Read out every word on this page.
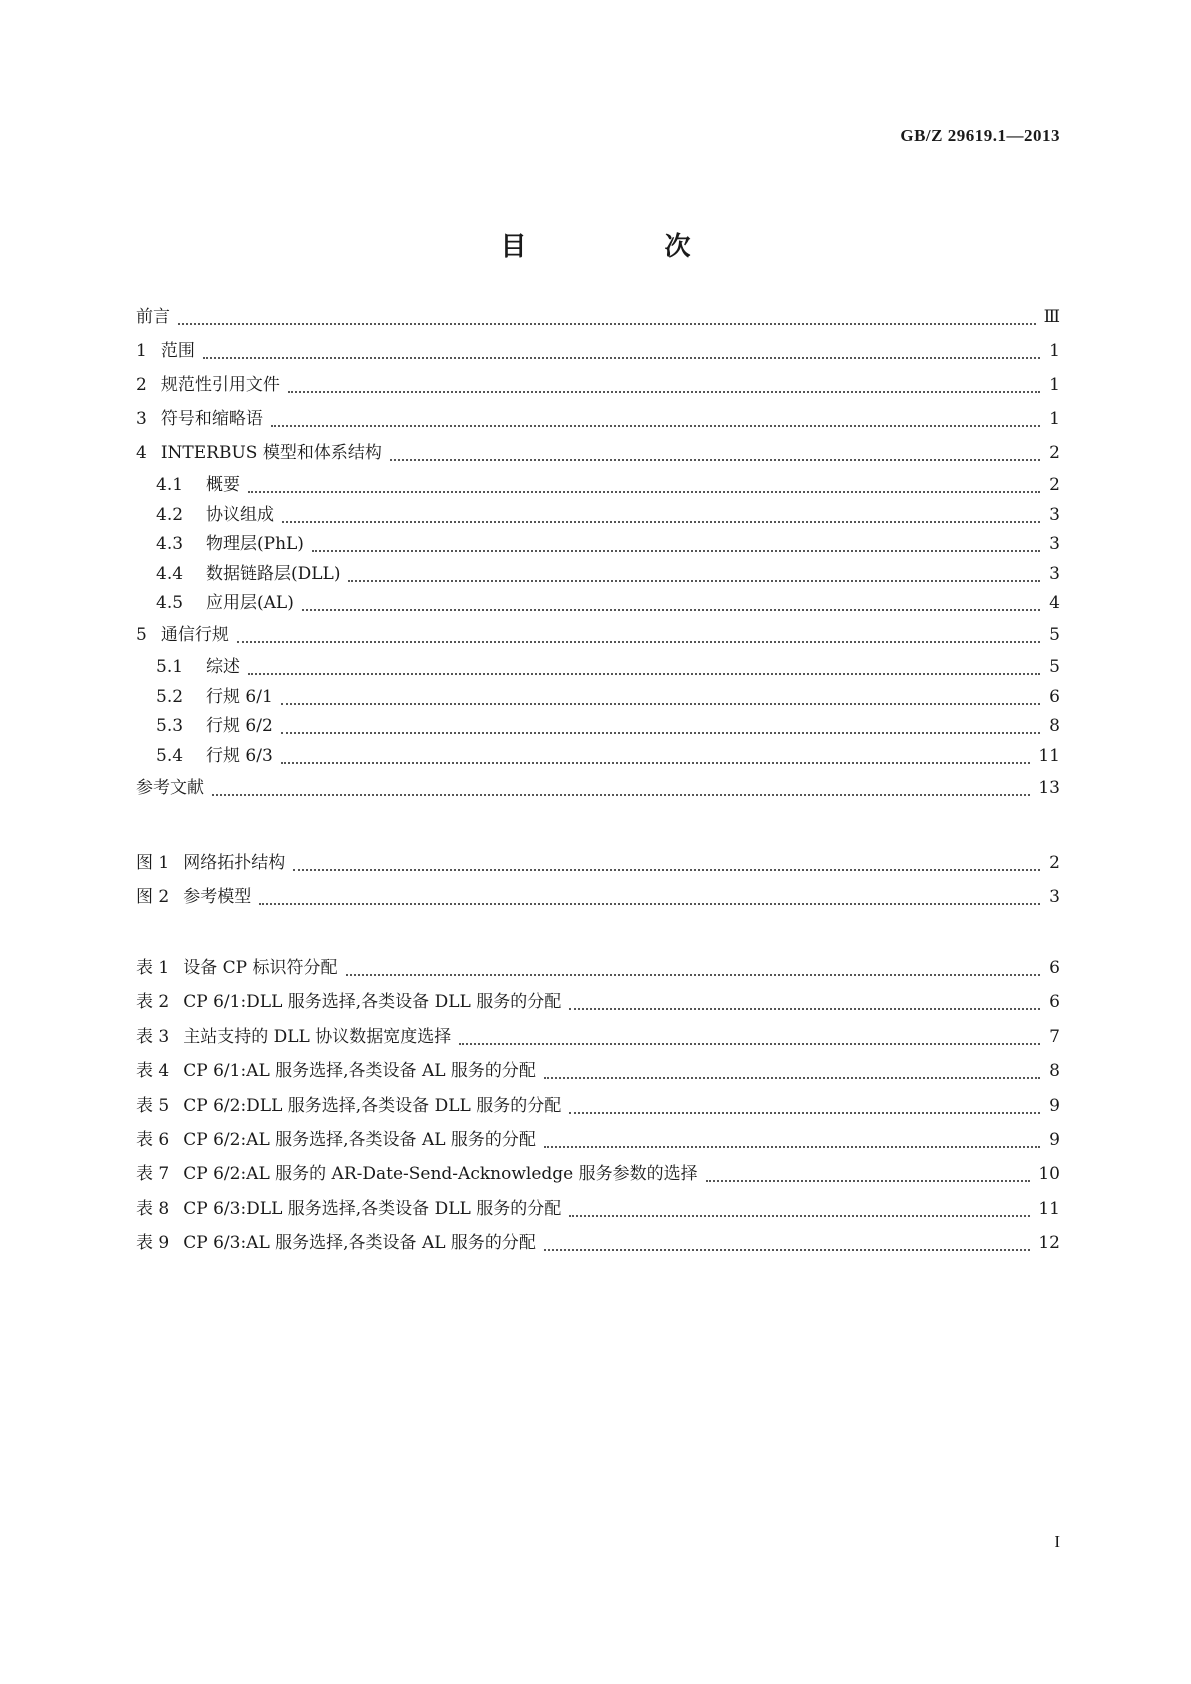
GB/Z 29619.1—2013
目　次
前言	Ⅲ
1 范围	1
2 规范性引用文件	1
3 符号和缩略语	1
4 INTERBUS 模型和体系结构	2
4.1 概要	2
4.2 协议组成	3
4.3 物理层(PhL)	3
4.4 数据链路层(DLL)	3
4.5 应用层(AL)	4
5 通信行规	5
5.1 综述	5
5.2 行规 6/1	6
5.3 行规 6/2	8
5.4 行规 6/3	11
参考文献	13
图 1 网络拓扑结构	2
图 2 参考模型	3
表 1 设备 CP 标识符分配	6
表 2 CP 6/1:DLL 服务选择,各类设备 DLL 服务的分配	6
表 3 主站支持的 DLL 协议数据宽度选择	7
表 4 CP 6/1:AL 服务选择,各类设备 AL 服务的分配	8
表 5 CP 6/2:DLL 服务选择,各类设备 DLL 服务的分配	9
表 6 CP 6/2:AL 服务选择,各类设备 AL 服务的分配	9
表 7 CP 6/2:AL 服务的 AR-Date-Send-Acknowledge 服务参数的选择	10
表 8 CP 6/3:DLL 服务选择,各类设备 DLL 服务的分配	11
表 9 CP 6/3:AL 服务选择,各类设备 AL 服务的分配	12
I
